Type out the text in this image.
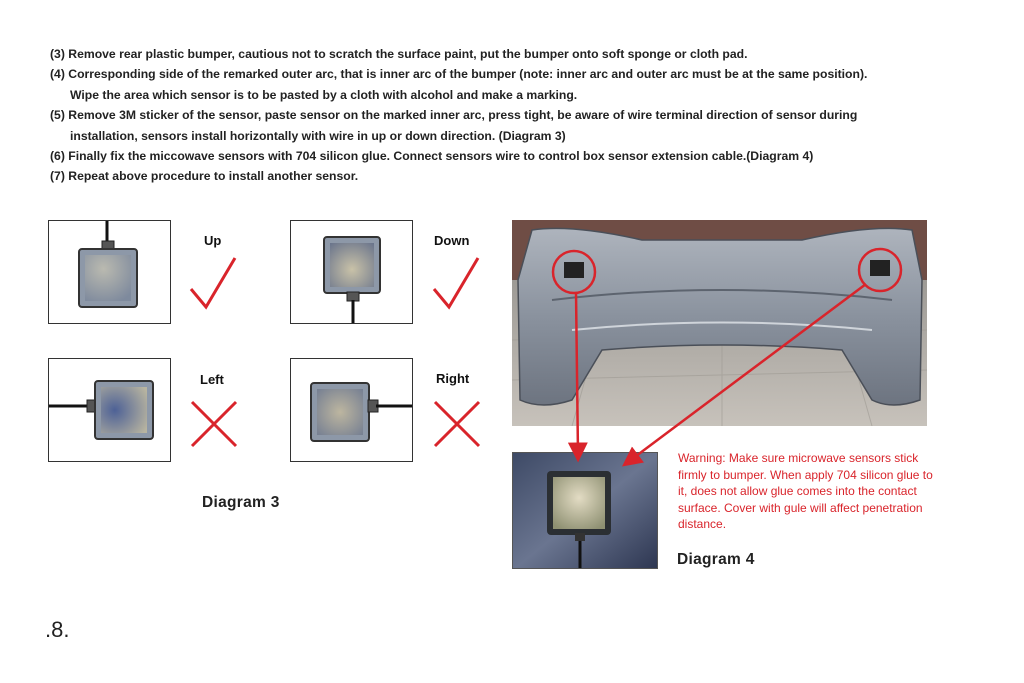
(3) Remove rear plastic bumper, cautious not to scratch the surface paint, put the bumper onto soft sponge or cloth pad.
(4) Corresponding side of the remarked outer arc, that is inner arc of the bumper (note: inner arc and outer arc must be at the same position).
Wipe the area which sensor is to be pasted by a cloth with alcohol and make a marking.
(5) Remove 3M sticker of the sensor, paste sensor on the marked inner arc, press tight, be aware of wire terminal direction of sensor during
installation, sensors install horizontally with wire in up or down direction. (Diagram 3)
(6) Finally fix the miccowave sensors with 704 silicon glue. Connect sensors wire to control box sensor extension cable.(Diagram 4)
(7) Repeat above procedure to install another sensor.
Up	Down
Left	Right
Diagram 3
Warning: Make sure microwave sensors stick firmly to bumper. When apply 704 silicon glue to it, does not allow glue comes into the contact surface. Cover with gule will affect penetration distance.
Diagram 4
.8.
